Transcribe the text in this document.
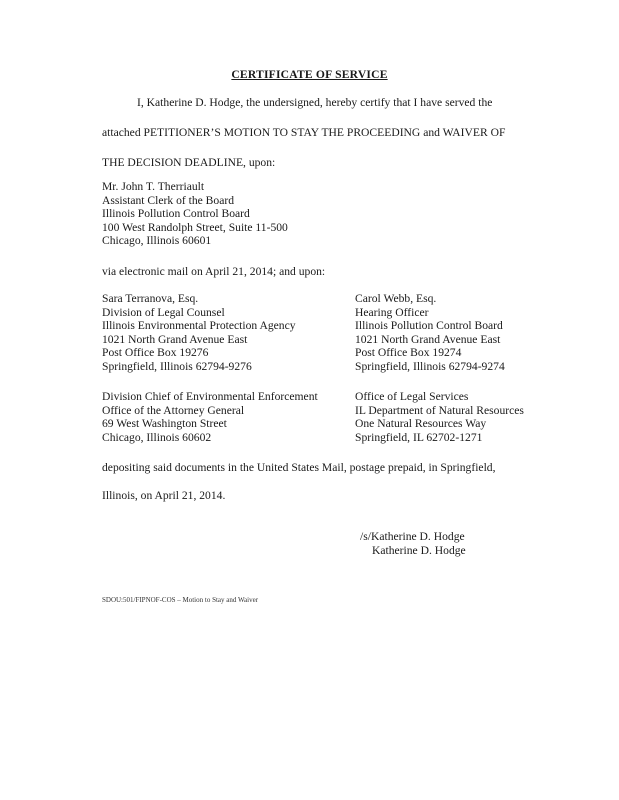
CERTIFICATE OF SERVICE
I, Katherine D. Hodge, the undersigned, hereby certify that I have served the
attached PETITIONER’S MOTION TO STAY THE PROCEEDING and WAIVER OF
THE DECISION DEADLINE, upon:
Mr. John T. Therriault
Assistant Clerk of the Board
Illinois Pollution Control Board
100 West Randolph Street, Suite 11-500
Chicago, Illinois 60601
via electronic mail on April 21, 2014; and upon:
Sara Terranova, Esq.
Division of Legal Counsel
Illinois Environmental Protection Agency
1021 North Grand Avenue East
Post Office Box 19276
Springfield, Illinois 62794-9276
Carol Webb, Esq.
Hearing Officer
Illinois Pollution Control Board
1021 North Grand Avenue East
Post Office Box 19274
Springfield, Illinois 62794-9274
Division Chief of Environmental Enforcement
Office of the Attorney General
69 West Washington Street
Chicago, Illinois 60602
Office of Legal Services
IL Department of Natural Resources
One Natural Resources Way
Springfield, IL 62702-1271
depositing said documents in the United States Mail, postage prepaid, in Springfield,
Illinois, on April 21, 2014.
/s/Katherine D. Hodge
Katherine D. Hodge
SDOU:501/FIPNOF-COS – Motion to Stay and Waiver
